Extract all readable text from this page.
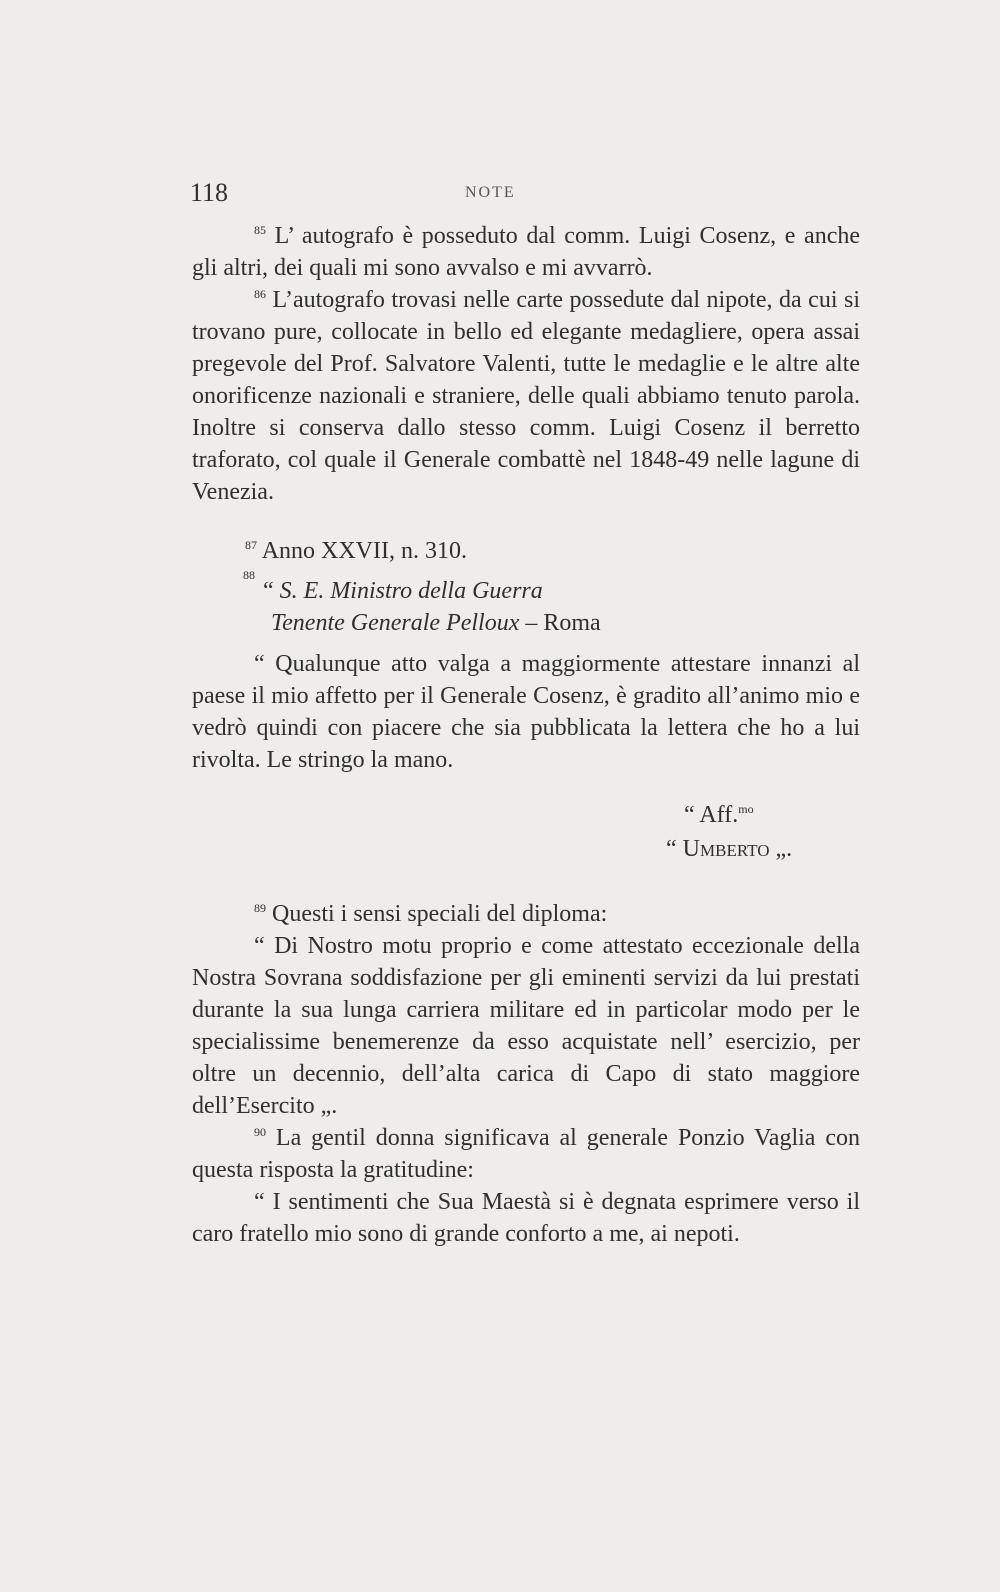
118	NOTE
$^{85}$ L’ autografo è posseduto dal comm. Luigi Cosenz, e anche gli altri, dei quali mi sono avvalso e mi avvarrò.
$^{86}$ L’autografo trovasi nelle carte possedute dal nipote, da cui si trovano pure, collocate in bello ed elegante medagliere, opera assai pregevole del Prof. Salvatore Valenti, tutte le medaglie e le altre alte onorificenze nazionali e straniere, delle quali abbiamo tenuto parola. Inoltre si conserva dallo stesso comm. Luigi Cosenz il berretto traforato, col quale il Generale combattè nel 1848-49 nelle lagune di Venezia.
$^{87}$ Anno XXVII, n. 310.
88
“ S. E. Ministro della Guerra
Tenente Generale Pelloux – Roma
“ Qualunque atto valga a maggiormente attestare innanzi al paese il mio affetto per il Generale Cosenz, è gradito all’animo mio e vedrò quindi con piacere che sia pubblicata la lettera che ho a lui rivolta. Le stringo la mano.
“ Aff.$^{mo}$
“ Umberto „.
$^{89}$ Questi i sensi speciali del diploma:
“ Di Nostro motu proprio e come attestato eccezionale della Nostra Sovrana soddisfazione per gli eminenti servizi da lui prestati durante la sua lunga carriera militare ed in particolar modo per le specialissime benemerenze da esso acquistate nell’ esercizio, per oltre un decennio, dell’alta carica di Capo di stato maggiore dell’Esercito „.
$^{90}$ La gentil donna significava al generale Ponzio Vaglia con questa risposta la gratitudine:
“ I sentimenti che Sua Maestà si è degnata esprimere verso il caro fratello mio sono di grande conforto a me, ai nepoti.
